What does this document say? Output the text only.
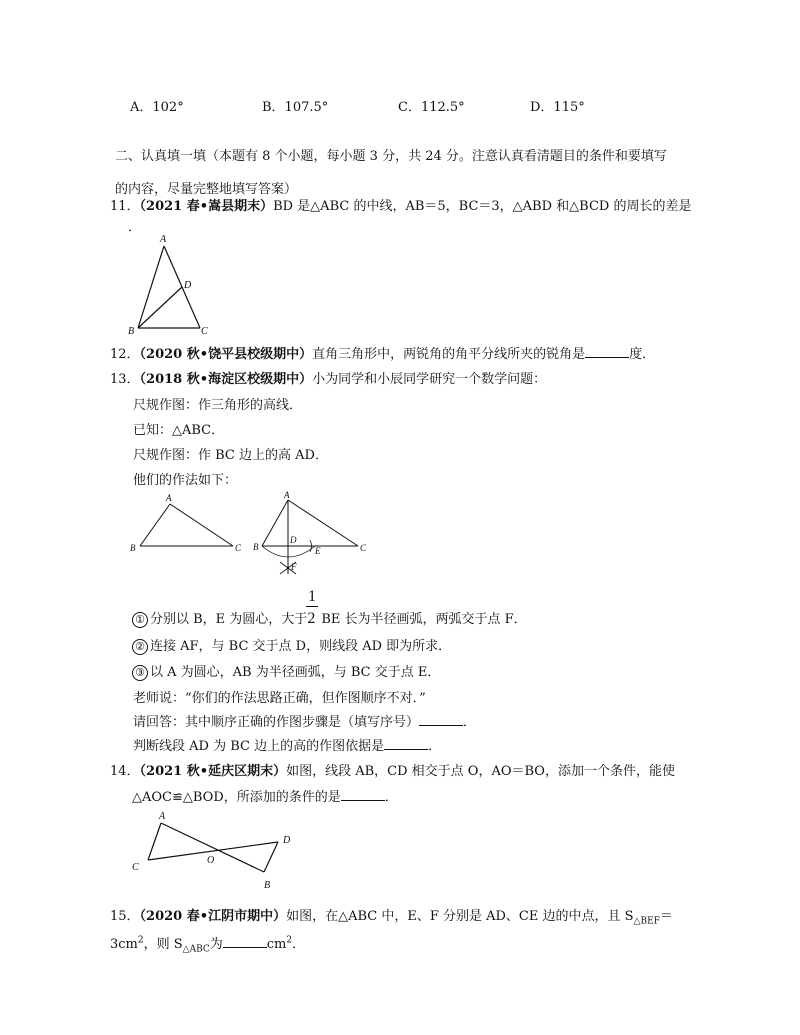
A．102°	B．107.5°	C．112.5°	D．115°
二、认真填一填（本题有 8 个小题，每小题 3 分，共 24 分。注意认真看清题目的条件和要填写
的内容，尽量完整地填写答案）
11．（2021 春•嵩县期末）BD 是△ABC 的中线，AB＝5，BC＝3，△ABD 和△BCD 的周长的差是
．
A
D
B	C
12．（2020 秋•饶平县校级期中）直角三角形中，两锐角的角平分线所夹的锐角是	度．
13．（2018 秋•海淀区校级期中）小为同学和小辰同学研究一个数学问题：
尺规作图：作三角形的高线．
已知：△ABC．
尺规作图：作 BC 边上的高 AD．
他们的作法如下：
A
B	C
A
B	C
D
E
F
1
① 分别以 B，E 为圆心，大于2 BE 长为半径画弧，两弧交于点 F．
② 连接 AF，与 BC 交于点 D，则线段 AD 即为所求．
③ 以 A 为圆心，AB 为半径画弧，与 BC 交于点 E．
老师说：“你们的作法思路正确，但作图顺序不对．”
请回答：其中顺序正确的作图步骤是（填写序号）	．
判断线段 AD 为 BC 边上的高的作图依据是	．
14．（2021 秋•延庆区期末）如图，线段 AB，CD 相交于点 O，AO＝BO，添加一个条件，能使
△AOC≌△BOD，所添加的条件的是	．
A
C
O
D
B
15．（2020 春•江阴市期中）如图，在△ABC 中，E、F 分别是 AD、CE 边的中点，且 $S_{\triangle BEF}=$
$3cm^2$，则 $S_{\triangle ABC}$为	$cm^2$．
